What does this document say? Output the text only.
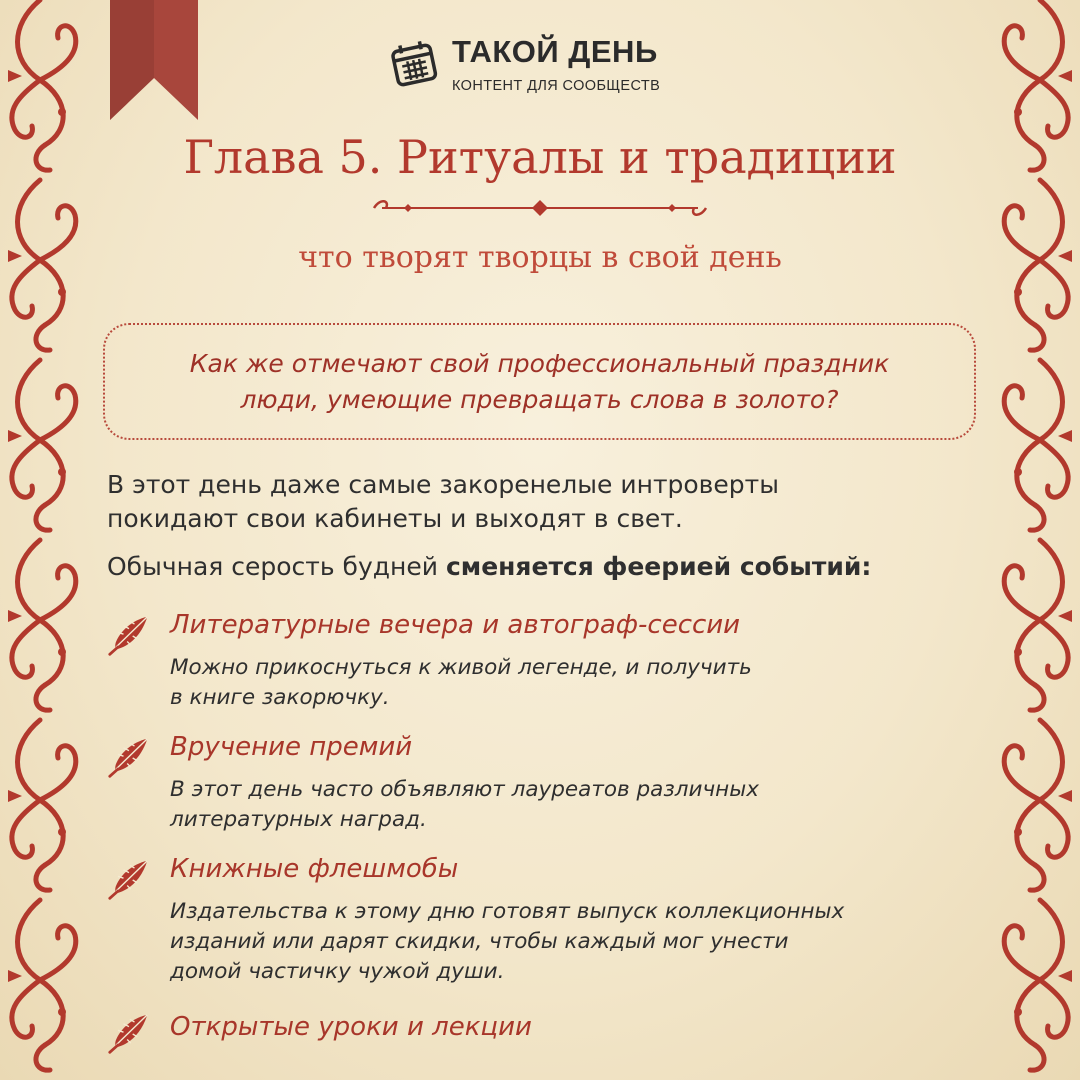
ТАКОЙ ДЕНЬ
КОНТЕНТ ДЛЯ СООБЩЕСТВ
Глава 5. Ритуалы и традиции
что творят творцы в свой день
Как же отмечают свой профессиональный праздник
люди, умеющие превращать слова в золото?
В этот день даже самые закоренелые интроверты
покидают свои кабинеты и выходят в свет.
Обычная серость будней сменяется феерией событий:
Литературные вечера и автограф-сессии
Можно прикоснуться к живой легенде, и получить
в книге закорючку.
Вручение премий
В этот день часто объявляют лауреатов различных
литературных наград.
Книжные флешмобы
Издательства к этому дню готовят выпуск коллекционных
изданий или дарят скидки, чтобы каждый мог унести
домой частичку чужой души.
Открытые уроки и лекции
